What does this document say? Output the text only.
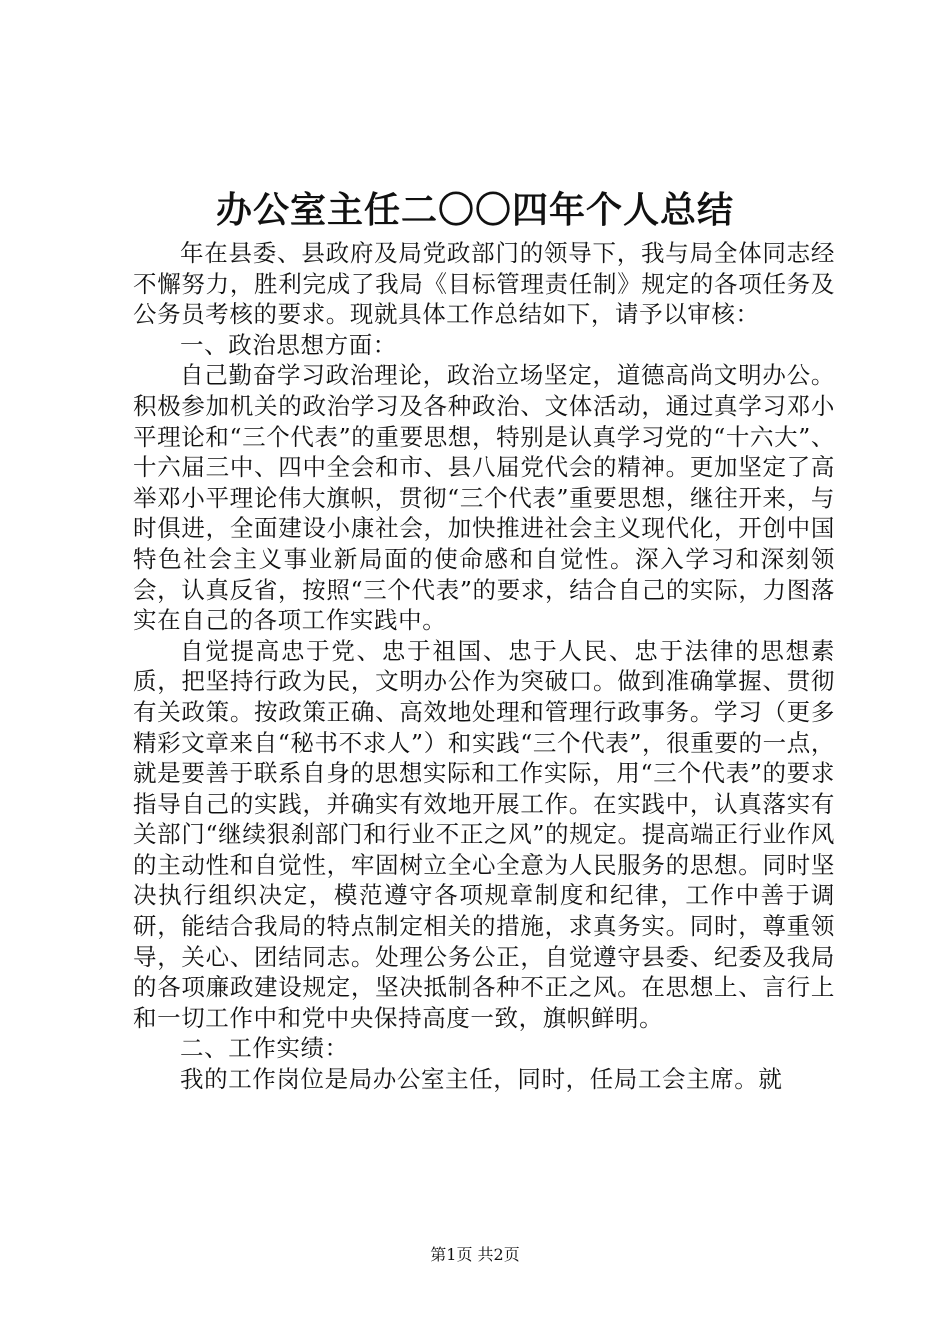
办公室主任二〇〇四年个人总结

年在县委、县政府及局党政部门的领导下，我与局全体同志经不懈努力，胜利完成了我局《目标管理责任制》规定的各项任务及公务员考核的要求。现就具体工作总结如下，请予以审核：

一、政治思想方面：

自己勤奋学习政治理论，政治立场坚定，道德高尚文明办公。积极参加机关的政治学习及各种政治、文体活动，通过真学习邓小平理论和“三个代表”的重要思想，特别是认真学习党的“十六大”、十六届三中、四中全会和市、县八届党代会的精神。更加坚定了高举邓小平理论伟大旗帜，贯彻“三个代表”重要思想，继往开来，与时俱进，全面建设小康社会，加快推进社会主义现代化，开创中国特色社会主义事业新局面的使命感和自觉性。深入学习和深刻领会，认真反省，按照“三个代表”的要求，结合自己的实际，力图落实在自己的各项工作实践中。

自觉提高忠于党、忠于祖国、忠于人民、忠于法律的思想素质，把坚持行政为民，文明办公作为突破口。做到准确掌握、贯彻有关政策。按政策正确、高效地处理和管理行政事务。学习（更多精彩文章来自“秘书不求人”）和实践“三个代表”，很重要的一点，就是要善于联系自身的思想实际和工作实际，用“三个代表”的要求指导自己的实践，并确实有效地开展工作。在实践中，认真落实有关部门“继续狠刹部门和行业不正之风”的规定。提高端正行业作风的主动性和自觉性，牢固树立全心全意为人民服务的思想。同时坚决执行组织决定，模范遵守各项规章制度和纪律，工作中善于调研，能结合我局的特点制定相关的措施，求真务实。同时，尊重领导，关心、团结同志。处理公务公正，自觉遵守县委、纪委及我局的各项廉政建设规定，坚决抵制各种不正之风。在思想上、言行上和一切工作中和党中央保持高度一致，旗帜鲜明。

二、工作实绩：

我的工作岗位是局办公室主任，同时，任局工会主席。就

第1页 共2页
